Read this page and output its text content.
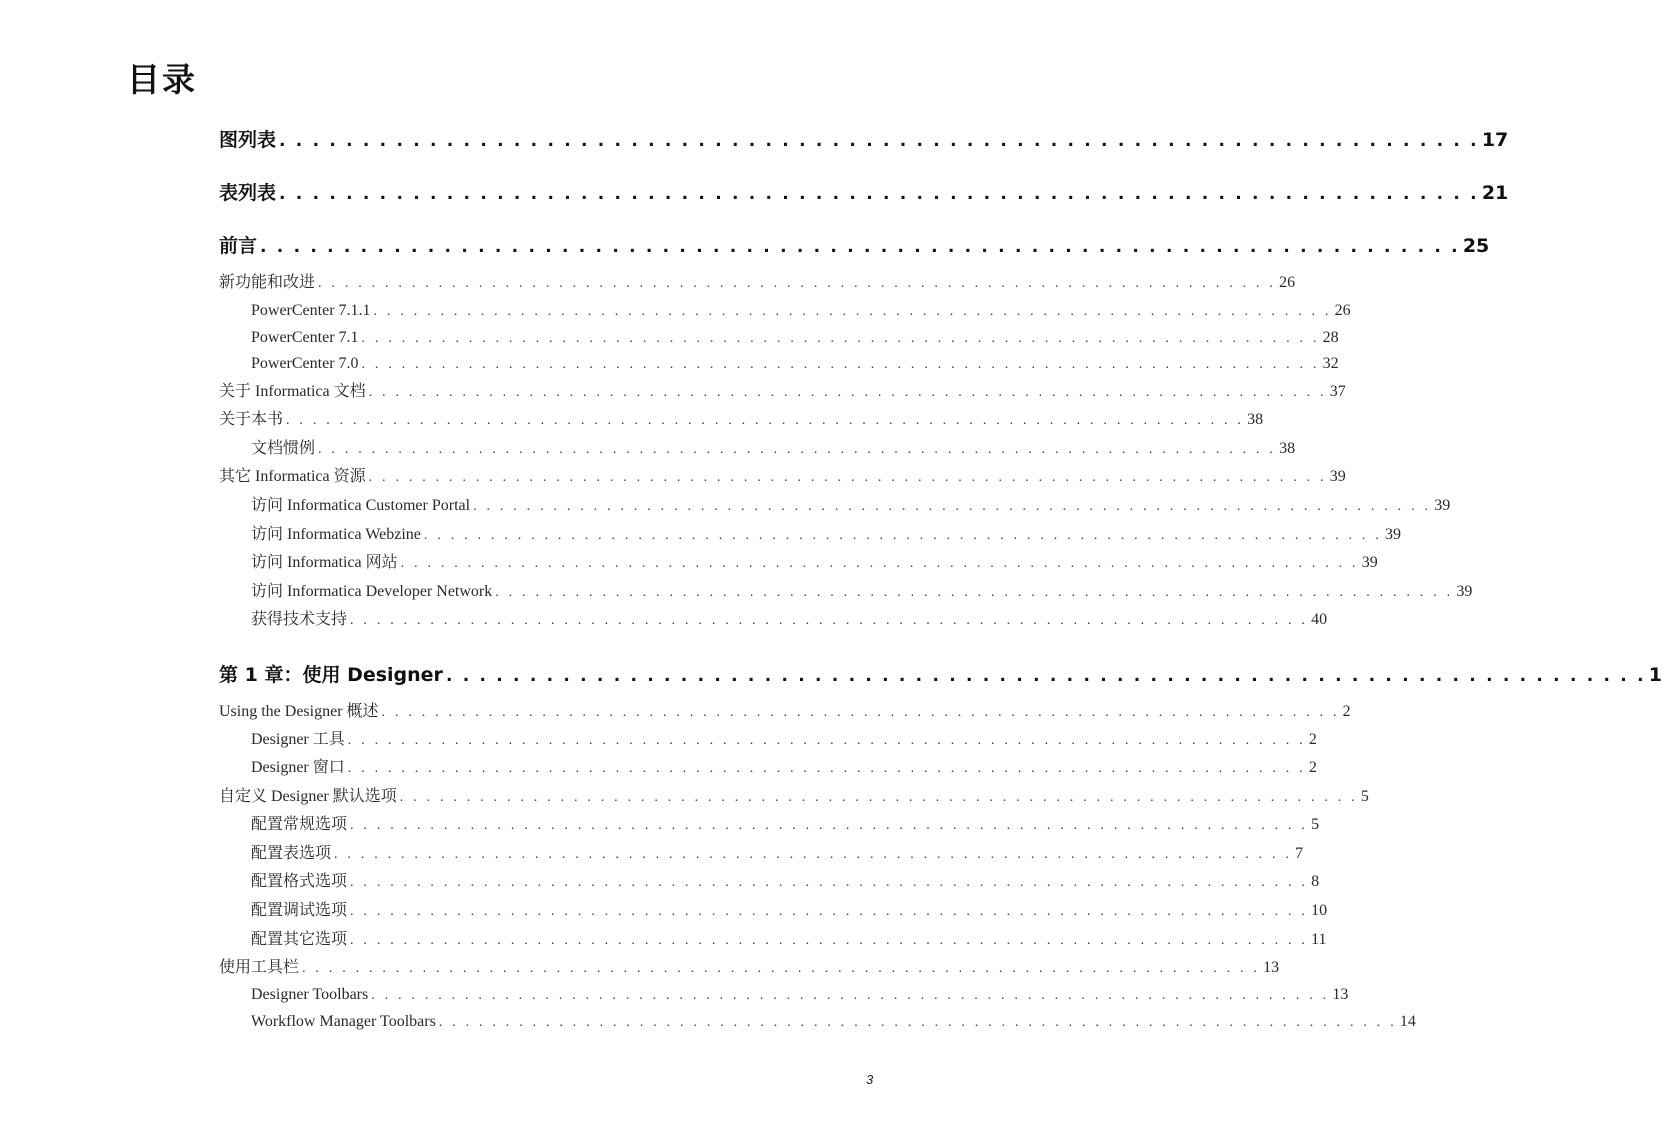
目录
图列表 . . . . . . . . . . . . . . . . . . . . . . . . . . . . . . . . . . . . . . . . . . . . . . . . . . . . . . . . . . . . . . . . . . . . . . . . 17
表列表 . . . . . . . . . . . . . . . . . . . . . . . . . . . . . . . . . . . . . . . . . . . . . . . . . . . . . . . . . . . . . . . . . . . . . . . . 21
前言 . . . . . . . . . . . . . . . . . . . . . . . . . . . . . . . . . . . . . . . . . . . . . . . . . . . . . . . . . . . . . . . . . . . . . . . . 25
新功能和改进 . . . . . . . . . . . . . . . . . . . . . . . . . . . . . . . . . . . . . . . . . . . . . . . . . . . . . . . . . . . . . . . . . . . . . . . . 26
PowerCenter 7.1.1 . . . . . . . . . . . . . . . . . . . . . . . . . . . . . . . . . . . . . . . . . . . . . . . . . . . . . . . . . . . . . . . . . . . . . . . . 26
PowerCenter 7.1 . . . . . . . . . . . . . . . . . . . . . . . . . . . . . . . . . . . . . . . . . . . . . . . . . . . . . . . . . . . . . . . . . . . . . . . . 28
PowerCenter 7.0 . . . . . . . . . . . . . . . . . . . . . . . . . . . . . . . . . . . . . . . . . . . . . . . . . . . . . . . . . . . . . . . . . . . . . . . . 32
关于 Informatica 文档 . . . . . . . . . . . . . . . . . . . . . . . . . . . . . . . . . . . . . . . . . . . . . . . . . . . . . . . . . . . . . . . . . . . . . . . . 37
关于本书 . . . . . . . . . . . . . . . . . . . . . . . . . . . . . . . . . . . . . . . . . . . . . . . . . . . . . . . . . . . . . . . . . . . . . . . . 38
文档惯例 . . . . . . . . . . . . . . . . . . . . . . . . . . . . . . . . . . . . . . . . . . . . . . . . . . . . . . . . . . . . . . . . . . . . . . . . 38
其它 Informatica 资源 . . . . . . . . . . . . . . . . . . . . . . . . . . . . . . . . . . . . . . . . . . . . . . . . . . . . . . . . . . . . . . . . . . . . . . . . 39
访问 Informatica Customer Portal . . . . . . . . . . . . . . . . . . . . . . . . . . . . . . . . . . . . . . . . . . . . . . . . . . . . . . . . . . . . . . . . . . . . . . . . 39
访问 Informatica Webzine . . . . . . . . . . . . . . . . . . . . . . . . . . . . . . . . . . . . . . . . . . . . . . . . . . . . . . . . . . . . . . . . . . . . . . . . 39
访问 Informatica 网站 . . . . . . . . . . . . . . . . . . . . . . . . . . . . . . . . . . . . . . . . . . . . . . . . . . . . . . . . . . . . . . . . . . . . . . . . 39
访问 Informatica Developer Network . . . . . . . . . . . . . . . . . . . . . . . . . . . . . . . . . . . . . . . . . . . . . . . . . . . . . . . . . . . . . . . . . . . . . . . . 39
获得技术支持 . . . . . . . . . . . . . . . . . . . . . . . . . . . . . . . . . . . . . . . . . . . . . . . . . . . . . . . . . . . . . . . . . . . . . . . . 40
第 1 章：使用 Designer . . . . . . . . . . . . . . . . . . . . . . . . . . . . . . . . . . . . . . . . . . . . . . . . . . . . . . . . . . . . . . . . . . . . . . . . 1
Using the Designer 概述 . . . . . . . . . . . . . . . . . . . . . . . . . . . . . . . . . . . . . . . . . . . . . . . . . . . . . . . . . . . . . . . . . . . . . . . . 2
Designer 工具 . . . . . . . . . . . . . . . . . . . . . . . . . . . . . . . . . . . . . . . . . . . . . . . . . . . . . . . . . . . . . . . . . . . . . . . . 2
Designer 窗口 . . . . . . . . . . . . . . . . . . . . . . . . . . . . . . . . . . . . . . . . . . . . . . . . . . . . . . . . . . . . . . . . . . . . . . . . 2
自定义 Designer 默认选项 . . . . . . . . . . . . . . . . . . . . . . . . . . . . . . . . . . . . . . . . . . . . . . . . . . . . . . . . . . . . . . . . . . . . . . . . 5
配置常规选项 . . . . . . . . . . . . . . . . . . . . . . . . . . . . . . . . . . . . . . . . . . . . . . . . . . . . . . . . . . . . . . . . . . . . . . . . 5
配置表选项 . . . . . . . . . . . . . . . . . . . . . . . . . . . . . . . . . . . . . . . . . . . . . . . . . . . . . . . . . . . . . . . . . . . . . . . . 7
配置格式选项 . . . . . . . . . . . . . . . . . . . . . . . . . . . . . . . . . . . . . . . . . . . . . . . . . . . . . . . . . . . . . . . . . . . . . . . . 8
配置调试选项 . . . . . . . . . . . . . . . . . . . . . . . . . . . . . . . . . . . . . . . . . . . . . . . . . . . . . . . . . . . . . . . . . . . . . . . . 10
配置其它选项 . . . . . . . . . . . . . . . . . . . . . . . . . . . . . . . . . . . . . . . . . . . . . . . . . . . . . . . . . . . . . . . . . . . . . . . . 11
使用工具栏 . . . . . . . . . . . . . . . . . . . . . . . . . . . . . . . . . . . . . . . . . . . . . . . . . . . . . . . . . . . . . . . . . . . . . . . . 13
Designer Toolbars . . . . . . . . . . . . . . . . . . . . . . . . . . . . . . . . . . . . . . . . . . . . . . . . . . . . . . . . . . . . . . . . . . . . . . . . 13
Workflow Manager Toolbars . . . . . . . . . . . . . . . . . . . . . . . . . . . . . . . . . . . . . . . . . . . . . . . . . . . . . . . . . . . . . . . . . . . . . . . . 14
3
